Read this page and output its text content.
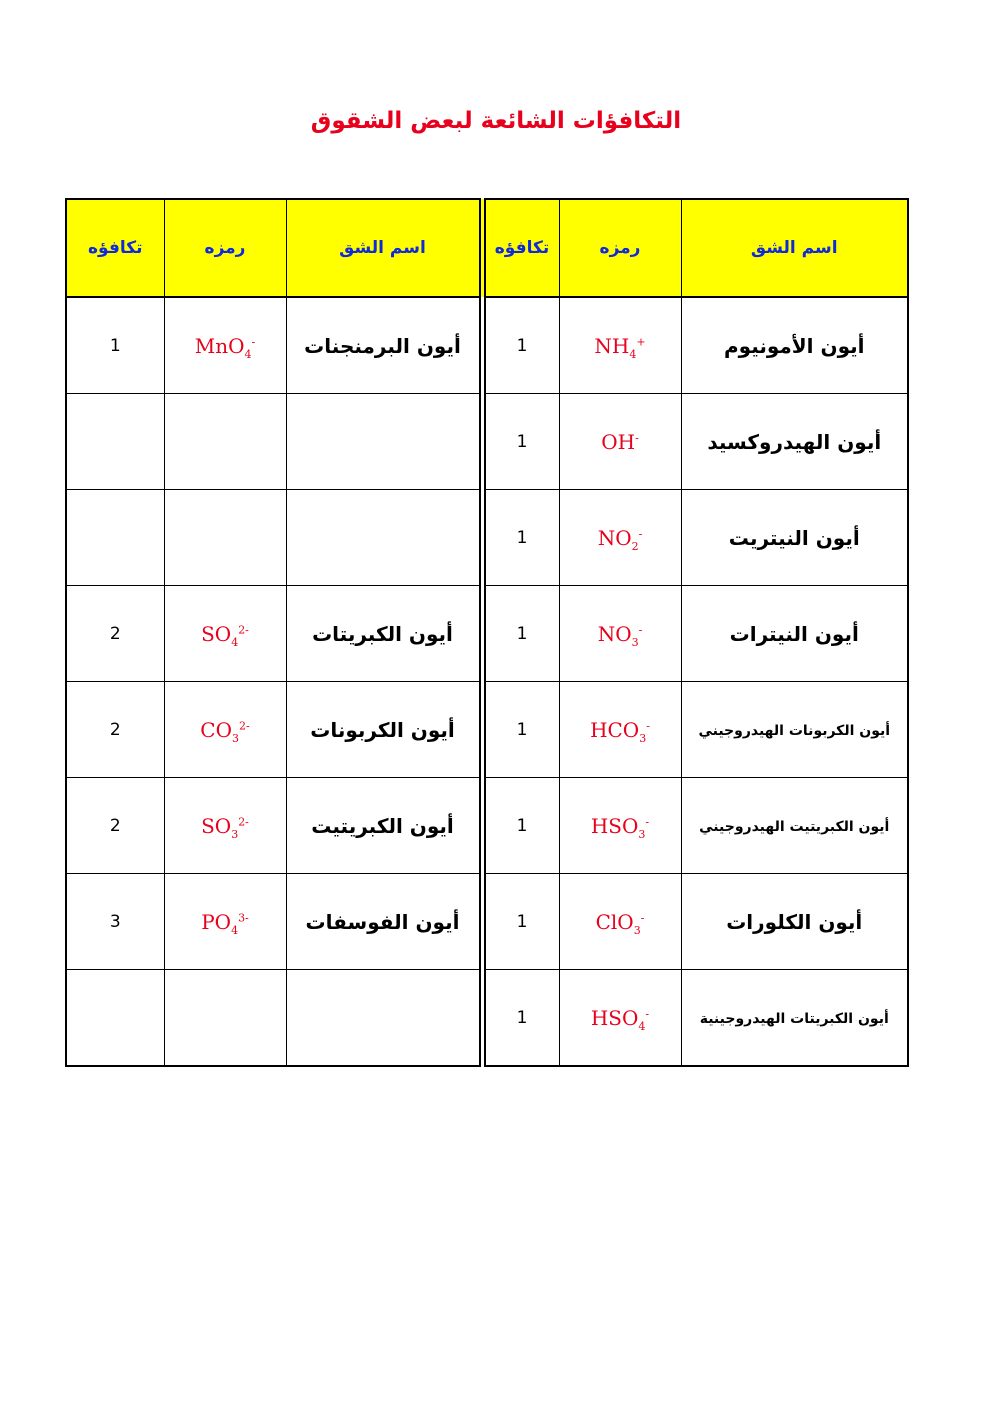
التكافؤات الشائعة لبعض الشقوق
اسم الشق	رمزه	تكافؤه	اسم الشق	رمزه	تكافؤه
أيون الأمونيوم	$NH_4^+$	1	أيون البرمنجنات	MnO$_4$-	1
أيون الهيدروكسيد	OH-	1			
أيون النيتريت	$NO_2^-$	1			
أيون النيترات	$NO_3^-$	1	أيون الكبريتات	$SO_4^{2-}$	2
أيون الكربونات الهيدروجيني	$HCO_3^-$	1	أيون الكربونات	$CO_3^{2-}$	2
أيون الكبريتيت الهيدروجيني	$HSO_3^-$	1	أيون الكبريتيت	$SO_3^{2-}$	2
أيون الكلورات	ClO$_3$-	1	أيون الفوسفات	$PO_4^{3-}$	3
أيون الكبريتات الهيدروجينية	$HSO_4^-$	1			
